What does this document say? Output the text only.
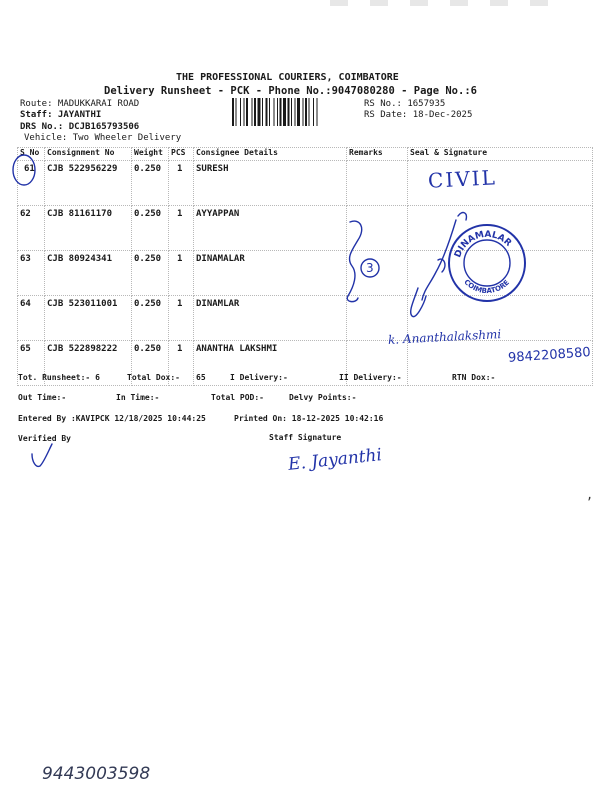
THE PROFESSIONAL COURIERS, COIMBATORE
Delivery Runsheet - PCK - Phone No.:9047080280 - Page No.:6
Route: MADUKKARAI ROAD
Staff: JAYANTHI
DRS No.: DCJB165793506
Vehicle: Two Wheeler Delivery
RS No.: 1657935
RS Date: 18-Dec-2025
S No	Consignment No	Weight	PCS	Consignee Details	Remarks	Seal & Signature
61	CJB 522956229	0.250	1	SURESH		
62	CJB 81161170	0.250	1	AYYAPPAN		
63	CJB 80924341	0.250	1	DINAMALAR		
64	CJB 523011001	0.250	1	DINAMLAR		
65	CJB 522898222	0.250	1	ANANTHA LAKSHMI		
Tot. Runsheet:- 6	Total Dox:- 65	I Delivery:-	II Delivery:-	RTN Dox:-
Out Time:-	In Time:-	Total POD:-	Delvy Points:-
Entered By :KAVIPCK 12/18/2025 10:44:25	Printed On: 18-12-2025 10:42:16
Verified By	Staff Signature
CIVIL
3
DINAMALAR
COIMBATORE
k. Ananthalakshmi
9842208580
E. Jayanthi
,
9443003598
